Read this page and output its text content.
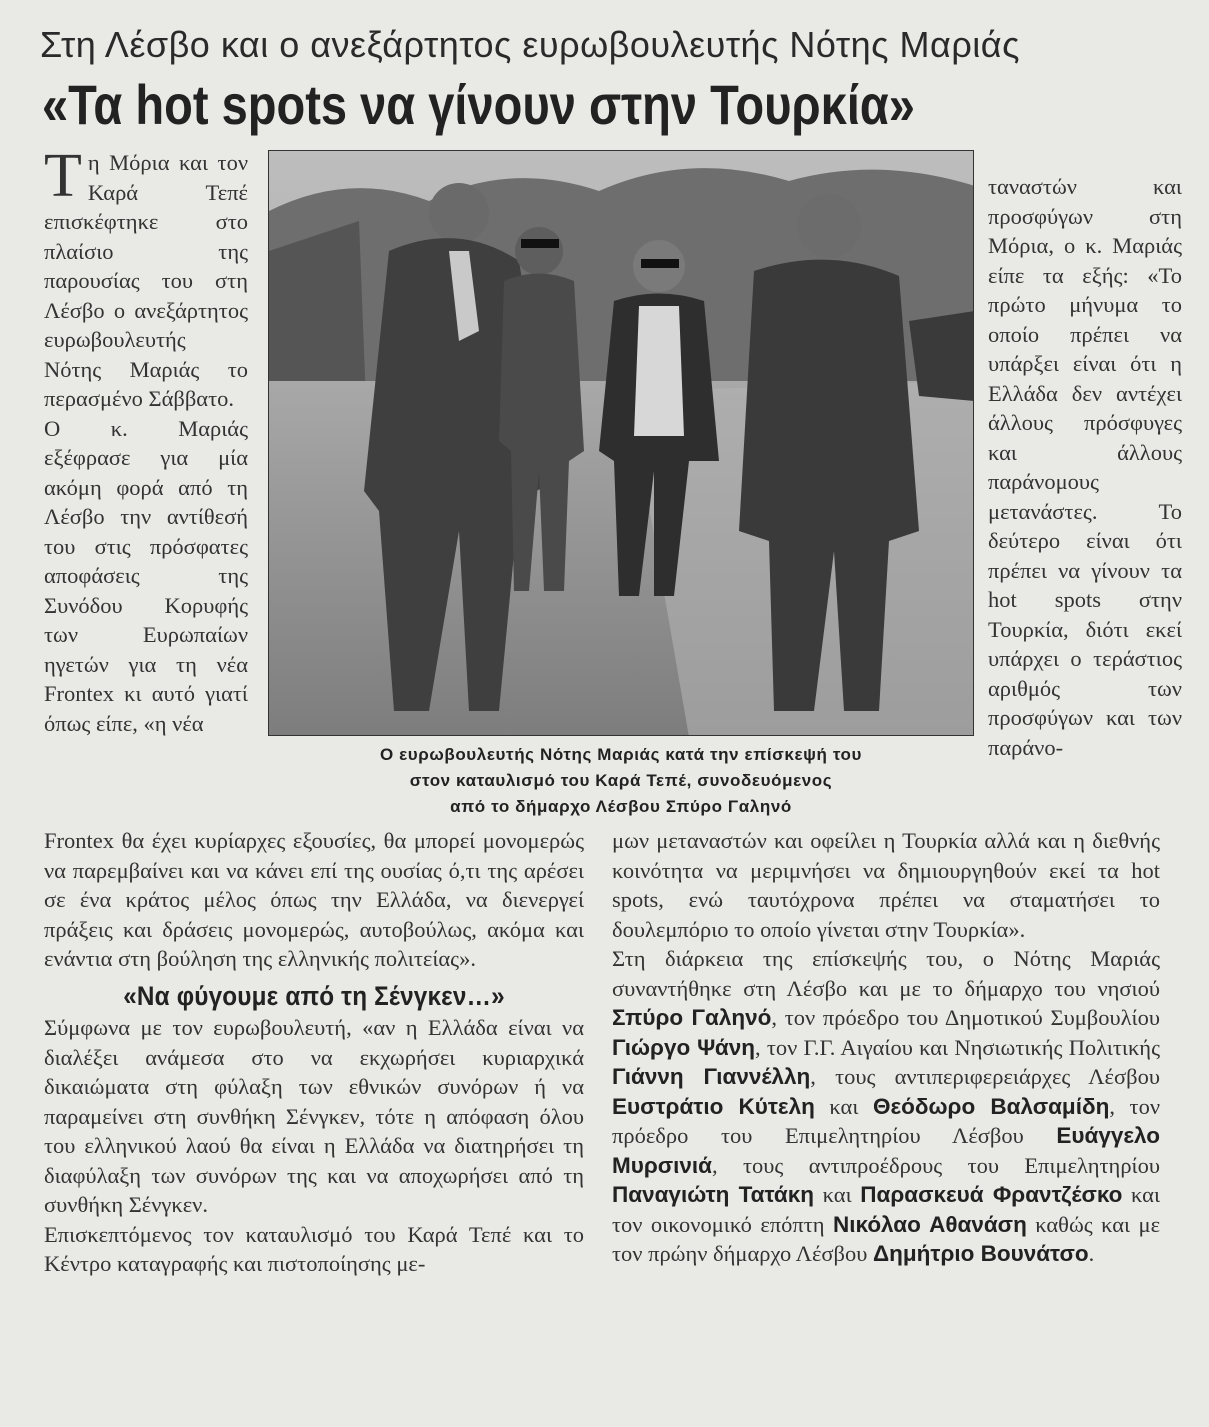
Στη Λέσβο και ο ανεξάρτητος ευρωβουλευτής Νότης Μαριάς
«Τα hot spots να γίνουν στην Τουρκία»

Τη Μόρια και τον Καρά Τεπέ επισκέφτηκε στο πλαίσιο της παρουσίας του στη Λέσβο ο ανεξάρτητος ευρωβουλευτής Νότης Μαριάς το περασμένο Σάββατο.

Ο κ. Μαριάς εξέφρασε για μία ακόμη φορά από τη Λέσβο την αντίθεσή του στις πρόσφατες αποφάσεις της Συνόδου Κορυφής των Ευρωπαίων ηγετών για τη νέα Frontex κι αυτό γιατί όπως είπε, «η νέα

Ο ευρωβουλευτής Νότης Μαριάς κατά την επίσκεψή του
στον καταυλισμό του Καρά Τεπέ, συνοδευόμενος
από το δήμαρχο Λέσβου Σπύρο Γαληνό

ταναστών και προσφύγων στη Μόρια, ο κ. Μαριάς είπε τα εξής: «Το πρώτο μήνυμα το οποίο πρέπει να υπάρξει είναι ότι η Ελλάδα δεν αντέχει άλλους πρόσφυγες και άλλους παράνομους μετανάστες. Το δεύτερο είναι ότι πρέπει να γίνουν τα hot spots στην Τουρκία, διότι εκεί υπάρχει ο τεράστιος αριθμός των προσφύγων και των παράνο-

Frontex θα έχει κυρίαρχες εξουσίες, θα μπορεί μονομερώς να παρεμβαίνει και να κάνει επί της ουσίας ό,τι της αρέσει σε ένα κράτος μέλος όπως την Ελλάδα, να διενεργεί πράξεις και δράσεις μονομερώς, αυτοβούλως, ακόμα και ενάντια στη βούληση της ελληνικής πολιτείας».

«Να φύγουμε από τη Σένγκεν…»

Σύμφωνα με τον ευρωβουλευτή, «αν η Ελλάδα είναι να διαλέξει ανάμεσα στο να εκχωρήσει κυριαρχικά δικαιώματα στη φύλαξη των εθνικών συνόρων ή να παραμείνει στη συνθήκη Σένγκεν, τότε η απόφαση όλου του ελληνικού λαού θα είναι η Ελλάδα να διατηρήσει τη διαφύλαξη των συνόρων της και να αποχωρήσει από τη συνθήκη Σένγκεν.

Επισκεπτόμενος τον καταυλισμό του Καρά Τεπέ και το Κέντρο καταγραφής και πιστοποίησης με-

μων μεταναστών και οφείλει η Τουρκία αλλά και η διεθνής κοινότητα να μεριμνήσει να δημιουργηθούν εκεί τα hot spots, ενώ ταυτόχρονα πρέπει να σταματήσει το δουλεμπόριο το οποίο γίνεται στην Τουρκία».

Στη διάρκεια της επίσκεψής του, ο Νότης Μαριάς συναντήθηκε στη Λέσβο και με το δήμαρχο του νησιού Σπύρο Γαληνό, τον πρόεδρο του Δημοτικού Συμβουλίου Γιώργο Ψάνη, τον Γ.Γ. Αιγαίου και Νησιωτικής Πολιτικής Γιάννη Γιαννέλλη, τους αντιπεριφερειάρχες Λέσβου Ευστράτιο Κύτελη και Θεόδωρο Βαλσαμίδη, τον πρόεδρο του Επιμελητηρίου Λέσβου Ευάγγελο Μυρσινιά, τους αντιπροέδρους του Επιμελητηρίου Παναγιώτη Τατάκη και Παρασκευά Φραντζέσκο και τον οικονομικό επόπτη Νικόλαο Αθανάση καθώς και με τον πρώην δήμαρχο Λέσβου Δημήτριο Βουνάτσο.
